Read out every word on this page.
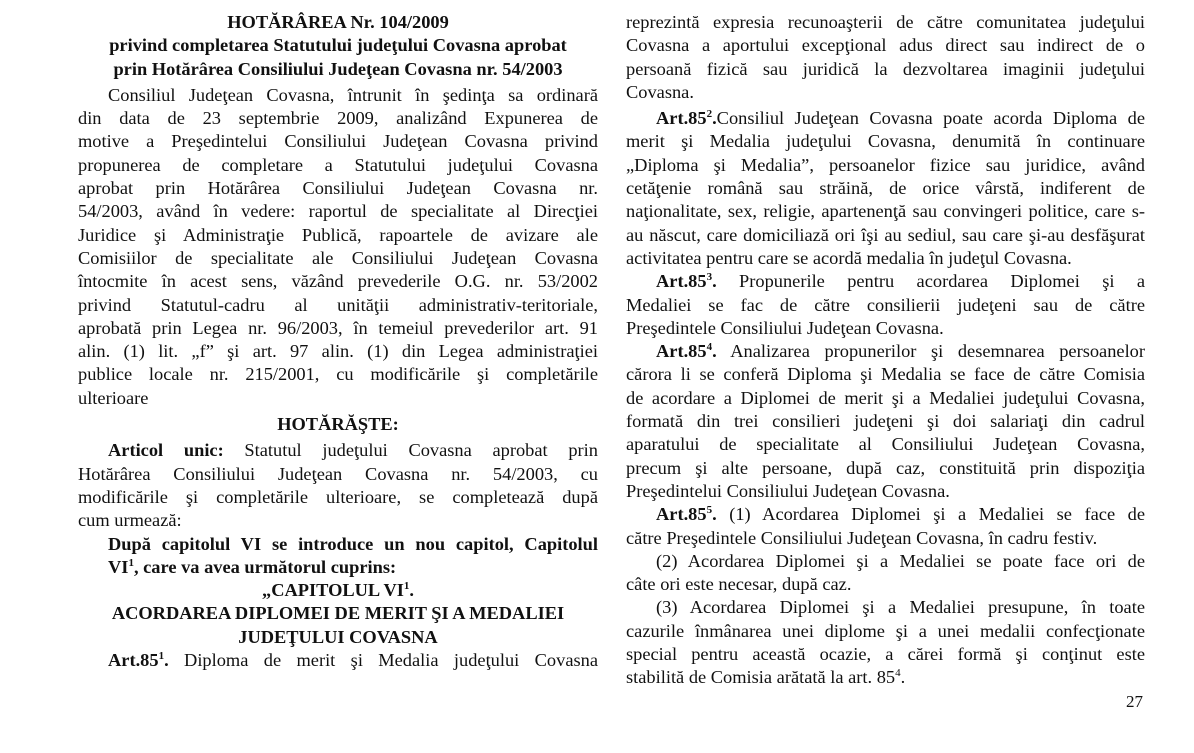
HOTĂRÂREA Nr. 104/2009
privind completarea Statutului judeţului Covasna aprobat
prin Hotărârea Consiliului Judeţean Covasna nr. 54/2003
Consiliul Judeţean Covasna, întrunit în şedinţa sa ordinară
din data de 23 septembrie 2009, analizând Expunerea de
motive a Preşedintelui Consiliului Judeţean Covasna privind
propunerea de completare a Statutului judeţului Covasna
aprobat prin Hotărârea Consiliului Judeţean Covasna nr.
54/2003, având în vedere: raportul de specialitate al Direcţiei
Juridice şi Administraţie Publică, rapoartele de avizare ale
Comisiilor de specialitate ale Consiliului Judeţean Covasna
întocmite în acest sens, văzând prevederile O.G. nr. 53/2002
privind Statutul-cadru al unităţii administrativ-teritoriale,
aprobată prin Legea nr. 96/2003, în temeiul prevederilor art. 91
alin. (1) lit. „f” şi art. 97 alin. (1) din Legea administraţiei
publice locale nr. 215/2001, cu modificările şi completările
ulterioare
HOTĂRĂŞTE:
Articol unic: Statutul judeţului Covasna aprobat prin
Hotărârea Consiliului Judeţean Covasna nr. 54/2003, cu
modificările şi completările ulterioare, se completează după
cum urmează:
După capitolul VI se introduce un nou capitol, Capitolul
$VI^1$, care va avea următorul cuprins:
„CAPITOLUL $VI^1$.
ACORDAREA DIPLOMEI DE MERIT ŞI A MEDALIEI
JUDEŢULUI COVASNA
$Art.85^1$. Diploma de merit şi Medalia judeţului Covasna
reprezintă expresia recunoaşterii de către comunitatea judeţului
Covasna a aportului excepţional adus direct sau indirect de o
persoană fizică sau juridică la dezvoltarea imaginii judeţului
Covasna.
$Art.85^2.Consiliul$ Judeţean Covasna poate acorda Diploma de
merit şi Medalia judeţului Covasna, denumită în continuare
„Diploma şi Medalia”, persoanelor fizice sau juridice, având
cetăţenie română sau străină, de orice vârstă, indiferent de
naţionalitate, sex, religie, apartenenţă sau convingeri politice, care s-
au născut, care domiciliază ori îşi au sediul, sau care şi-au desfăşurat
activitatea pentru care se acordă medalia în judeţul Covasna.
$Art.85^3$. Propunerile pentru acordarea Diplomei şi a
Medaliei se fac de către consilierii judeţeni sau de către
Preşedintele Consiliului Judeţean Covasna.
$Art.85^4$. Analizarea propunerilor şi desemnarea persoanelor
cărora li se conferă Diploma şi Medalia se face de către Comisia
de acordare a Diplomei de merit şi a Medaliei judeţului Covasna,
formată din trei consilieri judeţeni şi doi salariaţi din cadrul
aparatului de specialitate al Consiliului Judeţean Covasna,
precum şi alte persoane, după caz, constituită prin dispoziţia
Preşedintelui Consiliului Judeţean Covasna.
$Art.85^5$. (1) Acordarea Diplomei şi a Medaliei se face de
către Preşedintele Consiliului Judeţean Covasna, în cadru festiv.
(2) Acordarea Diplomei şi a Medaliei se poate face ori de
câte ori este necesar, după caz.
(3) Acordarea Diplomei şi a Medaliei presupune, în toate
cazurile înmânarea unei diplome şi a unei medalii confecţionate
special pentru această ocazie, a cărei formă şi conţinut este
stabilită de Comisia arătată la art. $85^4$.
27
